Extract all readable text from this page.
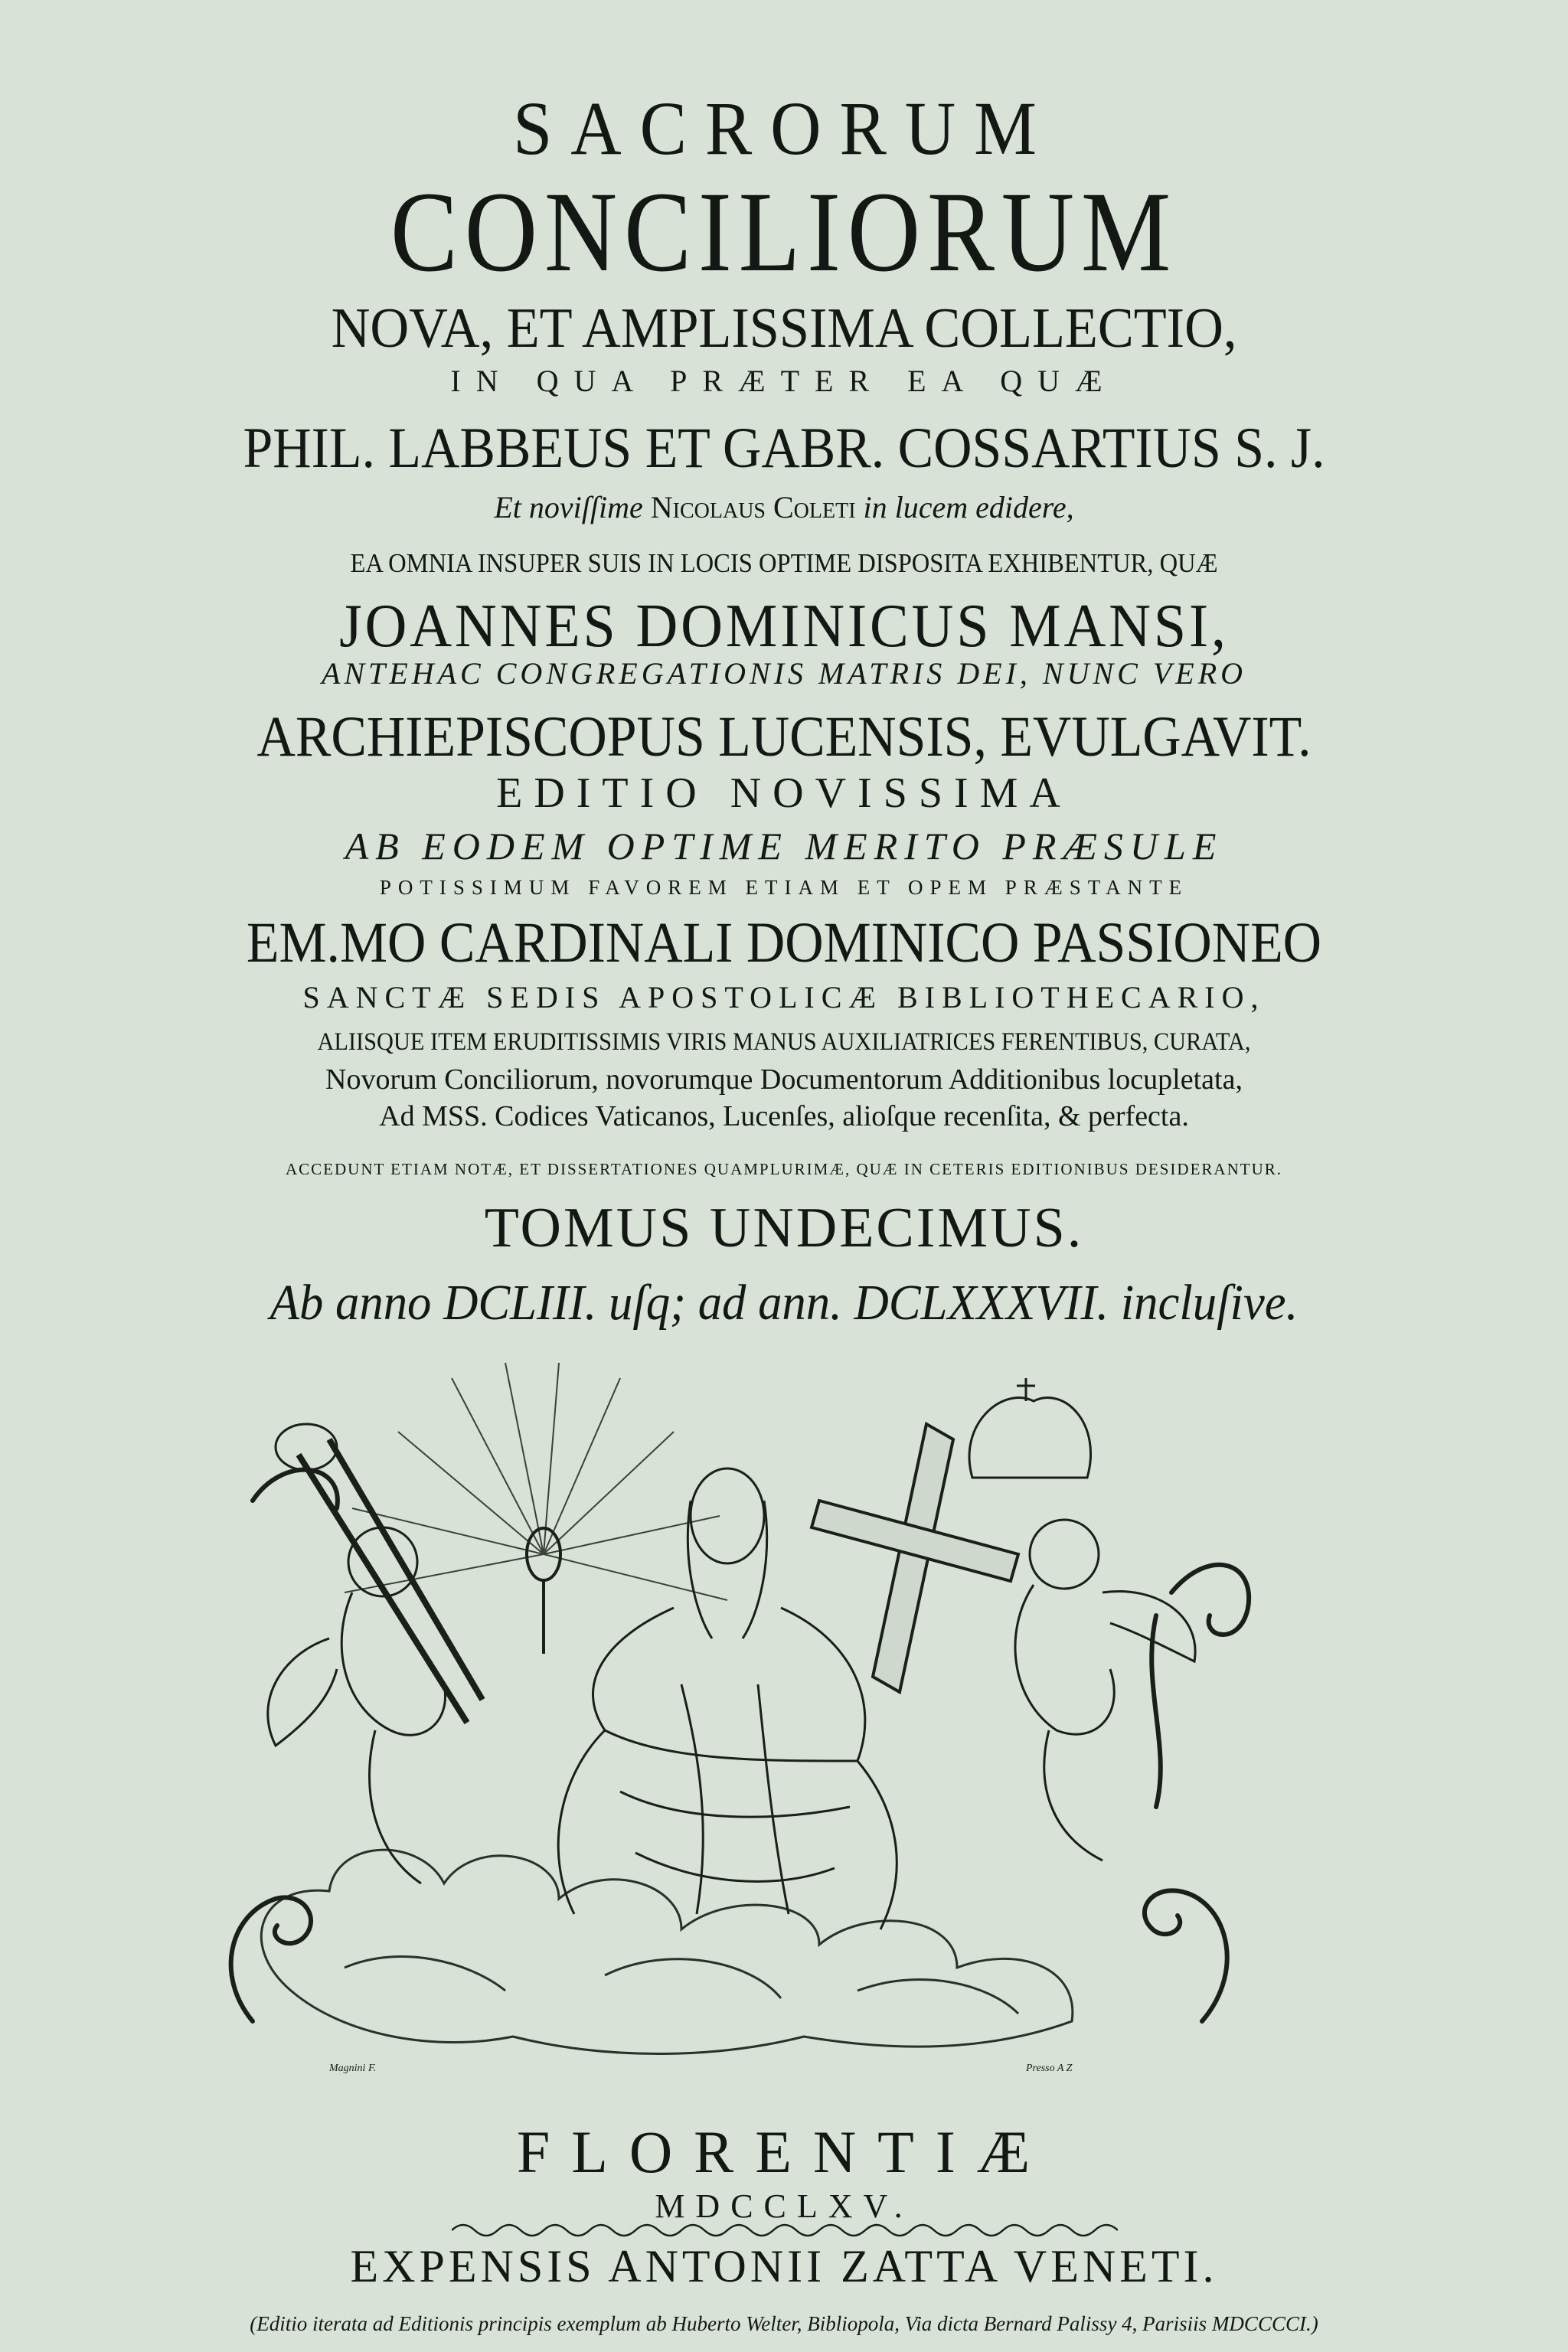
SACRORUM

CONCILIORUM

NOVA, ET AMPLISSIMA COLLECTIO,

IN QUA PRÆTER EA QUÆ

PHIL. LABBEUS ET GABR. COSSARTIUS S. J.

Et noviſſime Nicolaus Coleti in lucem edidere,

EA OMNIA INSUPER SUIS IN LOCIS OPTIME DISPOSITA EXHIBENTUR, QUÆ

JOANNES DOMINICUS MANSI,

ANTEHAC CONGREGATIONIS MATRIS DEI, NUNC VERO

ARCHIEPISCOPUS LUCENSIS, EVULGAVIT.

EDITIO NOVISSIMA

AB EODEM OPTIME MERITO PRÆSULE

POTISSIMUM FAVOREM ETIAM ET OPEM PRÆSTANTE

EM.MO CARDINALI DOMINICO PASSIONEO

SANCTÆ SEDIS APOSTOLICÆ BIBLIOTHECARIO,

ALIISQUE ITEM ERUDITISSIMIS VIRIS MANUS AUXILIATRICES FERENTIBUS, CURATA,

Novorum Conciliorum, novorumque Documentorum Additionibus locupletata,

Ad MSS. Codices Vaticanos, Lucenſes, alioſque recenſita, & perfecta.

ACCEDUNT ETIAM NOTÆ, ET DISSERTATIONES QUAMPLURIMÆ, QUÆ IN CETERIS EDITIONIBUS DESIDERANTUR.

TOMUS UNDECIMUS.

Ab anno DCLIII. uſq; ad ann. DCLXXXVII. incluſive.

Magnini F.	Presso A Z

FLORENTIÆ

MDCCLXV.

EXPENSIS ANTONII ZATTA VENETI.

(Editio iterata ad Editionis principis exemplum ab Huberto Welter, Bibliopola, Via dicta Bernard Palissy 4, Parisiis MDCCCCI.)
